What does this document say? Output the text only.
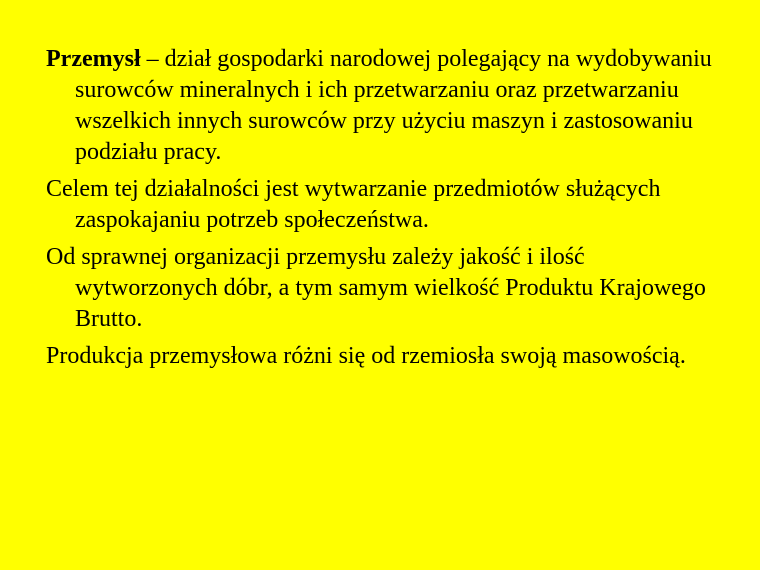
Przemysł – dział gospodarki narodowej polegający na wydobywaniu surowców mineralnych i ich przetwarzaniu oraz przetwarzaniu wszelkich innych surowców przy użyciu maszyn i zastosowaniu podziału pracy.

Celem tej działalności jest wytwarzanie przedmiotów służących zaspokajaniu potrzeb społeczeństwa.

Od sprawnej organizacji przemysłu zależy jakość i ilość wytworzonych dóbr, a tym samym wielkość Produktu Krajowego Brutto.

Produkcja przemysłowa różni się od rzemiosła swoją masowością.
